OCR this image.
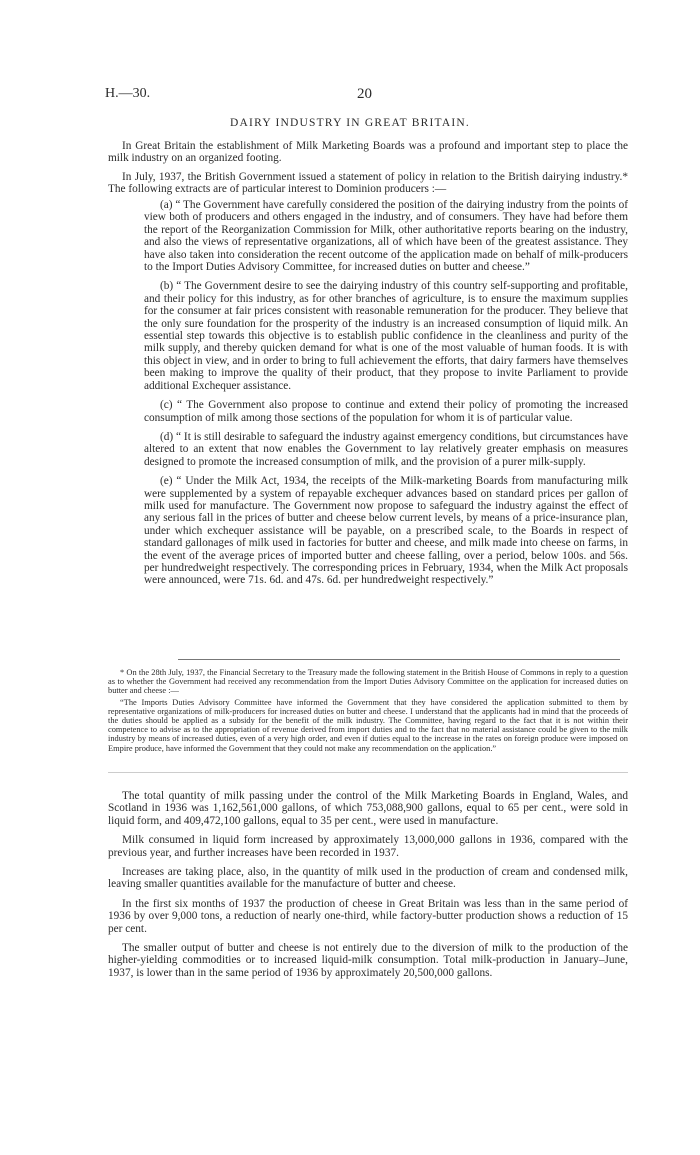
H.—30.	20
DAIRY INDUSTRY IN GREAT BRITAIN.

In Great Britain the establishment of Milk Marketing Boards was a profound and important step to place the milk industry on an organized footing.

In July, 1937, the British Government issued a statement of policy in relation to the British dairying industry.* The following extracts are of particular interest to Dominion producers :—

(a) “ The Government have carefully considered the position of the dairying industry from the points of view both of producers and others engaged in the industry, and of consumers. They have had before them the report of the Reorganization Commission for Milk, other authoritative reports bearing on the industry, and also the views of representative organizations, all of which have been of the greatest assistance. They have also taken into consideration the recent outcome of the application made on behalf of milk-producers to the Import Duties Advisory Committee, for increased duties on butter and cheese.”

(b) “ The Government desire to see the dairying industry of this country self-supporting and profitable, and their policy for this industry, as for other branches of agriculture, is to ensure the maximum supplies for the consumer at fair prices consistent with reasonable remuneration for the producer. They believe that the only sure foundation for the prosperity of the industry is an increased consumption of liquid milk. An essential step towards this objective is to establish public confidence in the cleanliness and purity of the milk supply, and thereby quicken demand for what is one of the most valuable of human foods. It is with this object in view, and in order to bring to full achievement the efforts, that dairy farmers have themselves been making to improve the quality of their product, that they propose to invite Parliament to provide additional Exchequer assistance.

(c) “ The Government also propose to continue and extend their policy of promoting the increased consumption of milk among those sections of the population for whom it is of particular value.

(d) “ It is still desirable to safeguard the industry against emergency conditions, but circumstances have altered to an extent that now enables the Government to lay relatively greater emphasis on measures designed to promote the increased consumption of milk, and the provision of a purer milk-supply.

(e) “ Under the Milk Act, 1934, the receipts of the Milk-marketing Boards from manufacturing milk were supplemented by a system of repayable exchequer advances based on standard prices per gallon of milk used for manufacture. The Government now propose to safeguard the industry against the effect of any serious fall in the prices of butter and cheese below current levels, by means of a price-insurance plan, under which exchequer assistance will be payable, on a prescribed scale, to the Boards in respect of standard gallonages of milk used in factories for butter and cheese, and milk made into cheese on farms, in the event of the average prices of imported butter and cheese falling, over a period, below 100s. and 56s. per hundredweight respectively. The corresponding prices in February, 1934, when the Milk Act proposals were announced, were 71s. 6d. and 47s. 6d. per hundredweight respectively.”

* On the 28th July, 1937, the Financial Secretary to the Treasury made the following statement in the British House of Commons in reply to a question as to whether the Government had received any recommendation from the Import Duties Advisory Committee on the application for increased duties on butter and cheese :—

“The Imports Duties Advisory Committee have informed the Government that they have considered the application submitted to them by representative organizations of milk-producers for increased duties on butter and cheese. I understand that the applicants had in mind that the proceeds of the duties should be applied as a subsidy for the benefit of the milk industry. The Committee, having regard to the fact that it is not within their competence to advise as to the appropriation of revenue derived from import duties and to the fact that no material assistance could be given to the milk industry by means of increased duties, even of a very high order, and even if duties equal to the increase in the rates on foreign produce were imposed on Empire produce, have informed the Government that they could not make any recommendation on the application.”

The total quantity of milk passing under the control of the Milk Marketing Boards in England, Wales, and Scotland in 1936 was 1,162,561,000 gallons, of which 753,088,900 gallons, equal to 65 per cent., were sold in liquid form, and 409,472,100 gallons, equal to 35 per cent., were used in manufacture.

Milk consumed in liquid form increased by approximately 13,000,000 gallons in 1936, compared with the previous year, and further increases have been recorded in 1937.

Increases are taking place, also, in the quantity of milk used in the production of cream and condensed milk, leaving smaller quantities available for the manufacture of butter and cheese.

In the first six months of 1937 the production of cheese in Great Britain was less than in the same period of 1936 by over 9,000 tons, a reduction of nearly one-third, while factory-butter production shows a reduction of 15 per cent.

The smaller output of butter and cheese is not entirely due to the diversion of milk to the production of the higher-yielding commodities or to increased liquid-milk consumption. Total milk-production in January–June, 1937, is lower than in the same period of 1936 by approximately 20,500,000 gallons.
